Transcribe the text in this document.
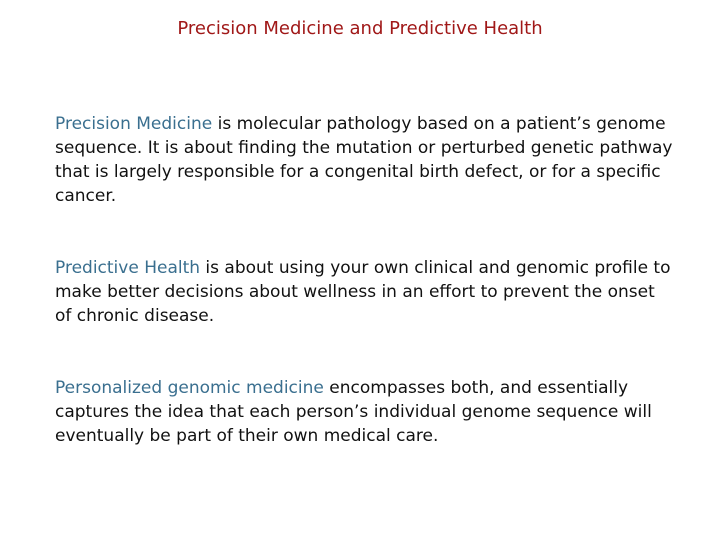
Precision Medicine and Predictive Health

Precision Medicine is molecular pathology based on a patient’s genome sequence. It is about finding the mutation or perturbed genetic pathway that is largely responsible for a congenital birth defect, or for a specific cancer.

Predictive Health is about using your own clinical and genomic profile to make better decisions about wellness in an effort to prevent the onset of chronic disease.

Personalized genomic medicine encompasses both, and essentially captures the idea that each person’s individual genome sequence will eventually be part of their own medical care.
